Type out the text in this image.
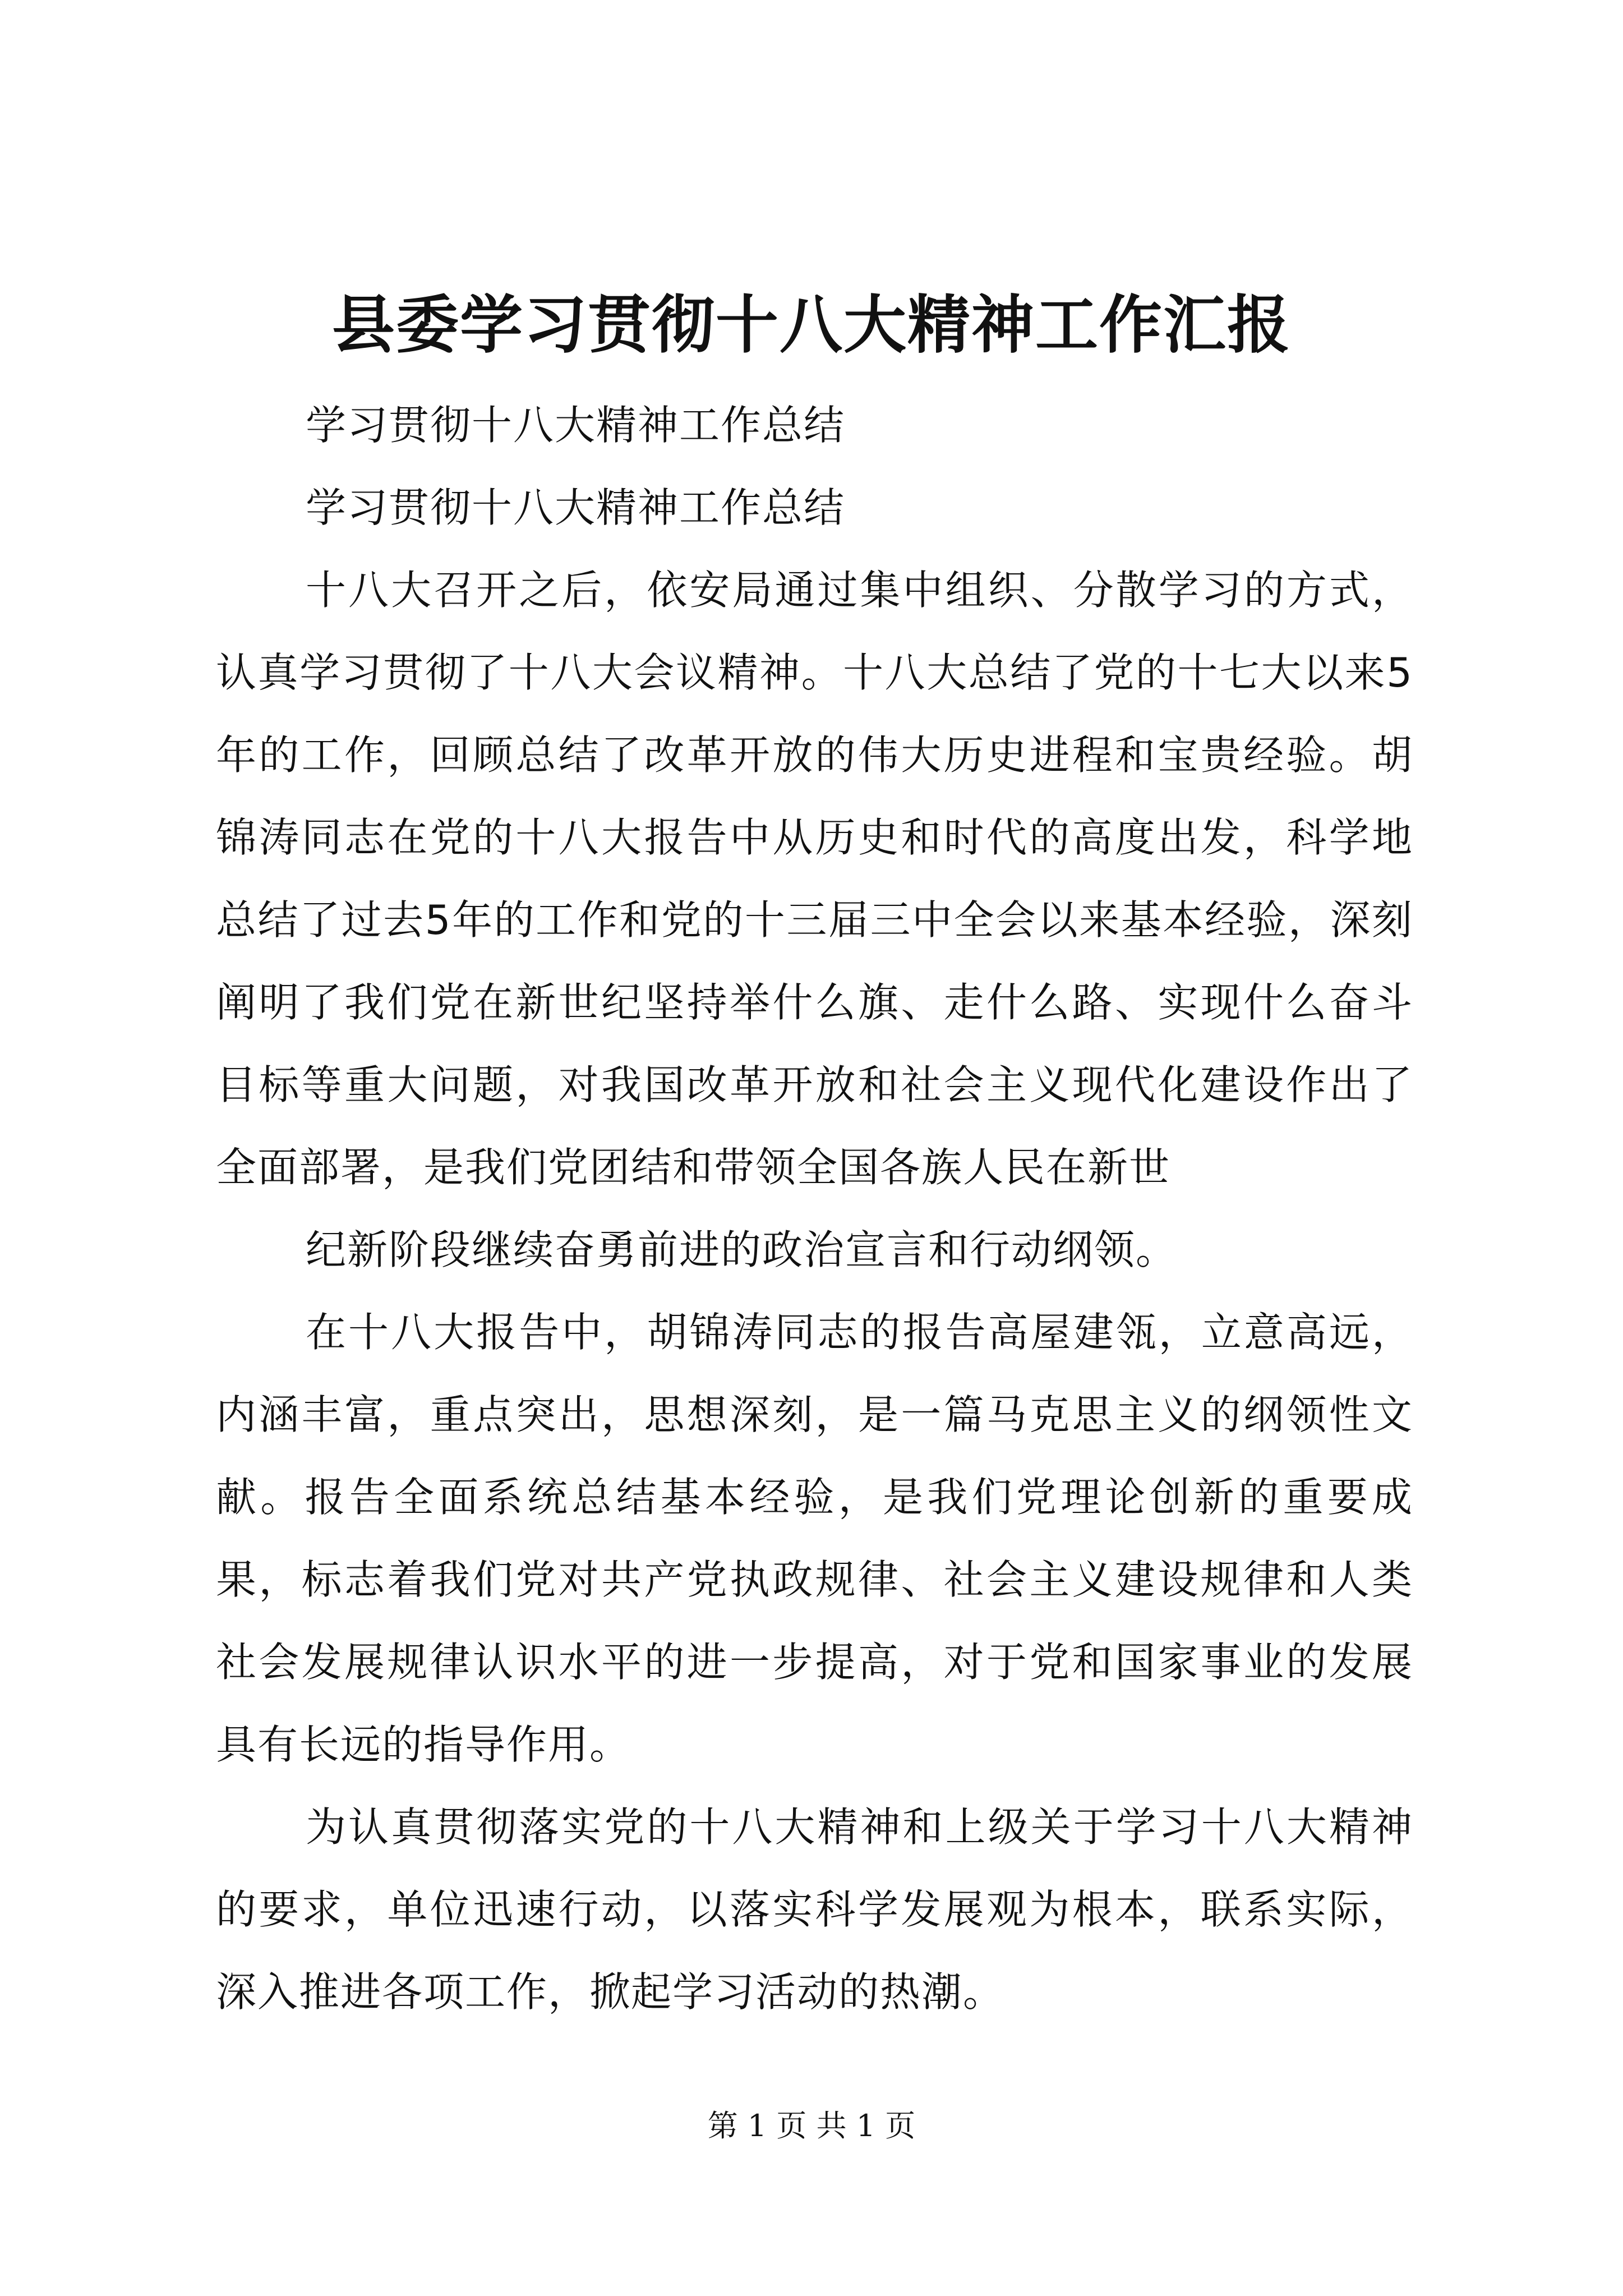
县委学习贯彻十八大精神工作汇报

学习贯彻十八大精神工作总结

学习贯彻十八大精神工作总结

十八大召开之后，依安局通过集中组织、分散学习的方式，认真学习贯彻了十八大会议精神。十八大总结了党的十七大以来5年的工作，回顾总结了改革开放的伟大历史进程和宝贵经验。胡锦涛同志在党的十八大报告中从历史和时代的高度出发，科学地总结了过去5年的工作和党的十三届三中全会以来基本经验，深刻阐明了我们党在新世纪坚持举什么旗、走什么路、实现什么奋斗目标等重大问题，对我国改革开放和社会主义现代化建设作出了全面部署，是我们党团结和带领全国各族人民在新世

纪新阶段继续奋勇前进的政治宣言和行动纲领。

在十八大报告中，胡锦涛同志的报告高屋建瓴，立意高远，内涵丰富，重点突出，思想深刻，是一篇马克思主义的纲领性文献。报告全面系统总结基本经验，是我们党理论创新的重要成果，标志着我们党对共产党执政规律、社会主义建设规律和人类社会发展规律认识水平的进一步提高，对于党和国家事业的发展具有长远的指导作用。

为认真贯彻落实党的十八大精神和上级关于学习十八大精神的要求，单位迅速行动，以落实科学发展观为根本，联系实际，深入推进各项工作，掀起学习活动的热潮。

第 1 页 共 1 页
